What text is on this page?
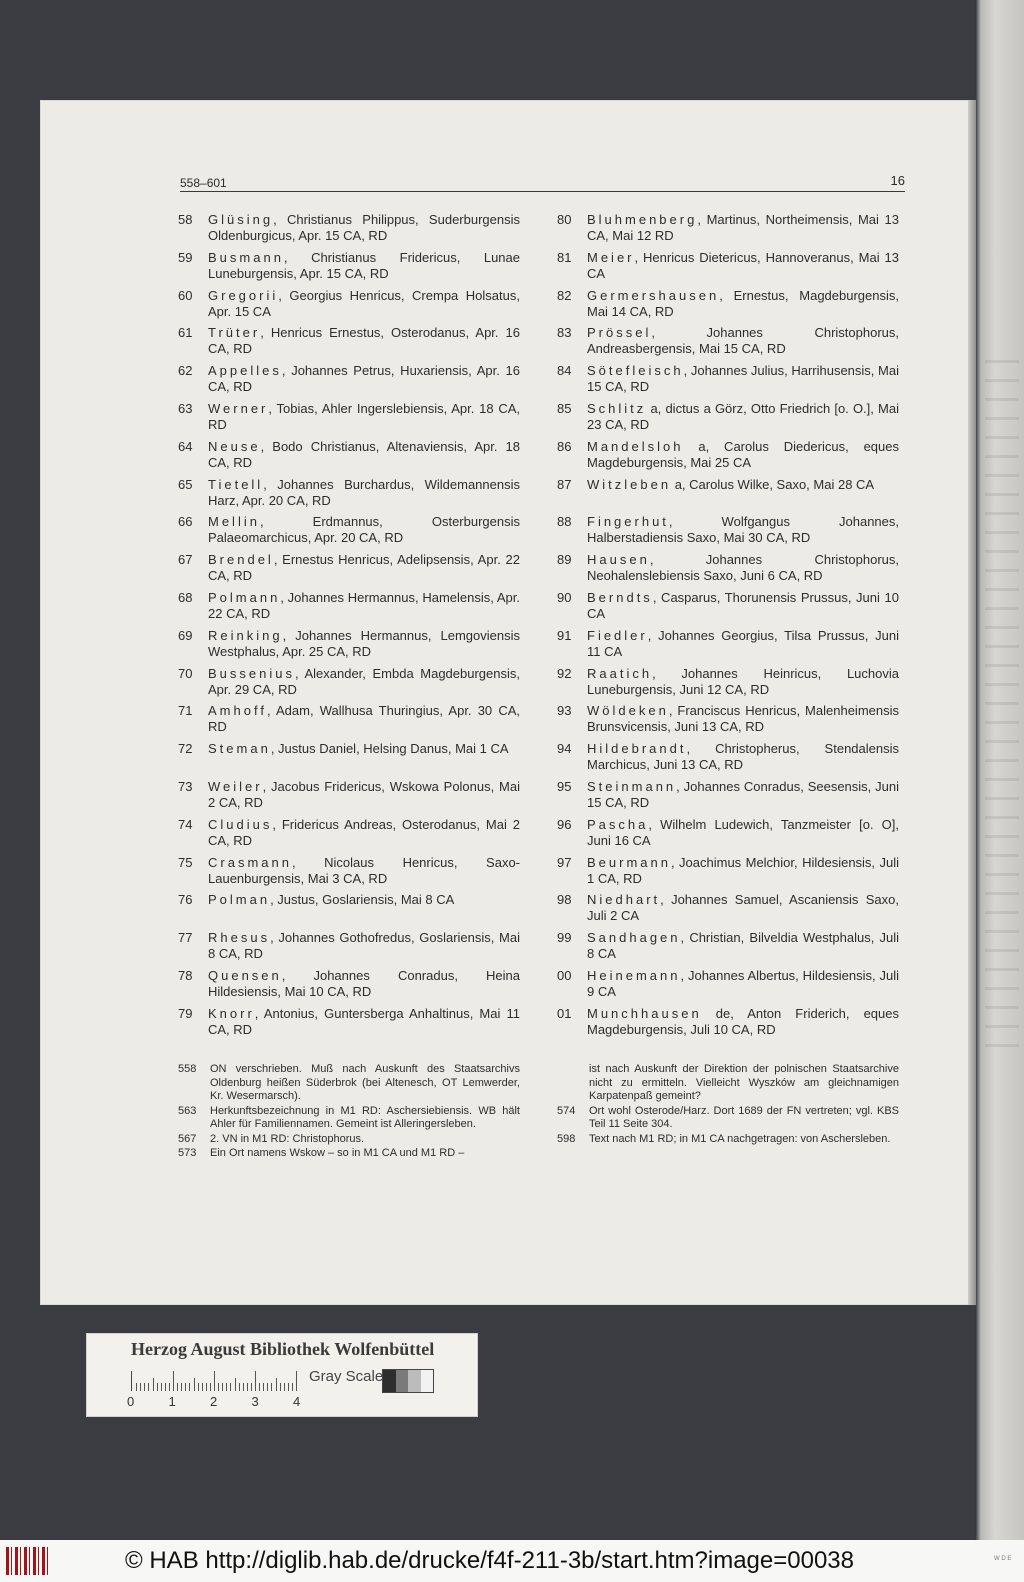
558–601	16
58	Glüsing, Christianus Philippus, Suderburgensis Oldenburgicus, Apr. 15 CA, RD
59	Busmann, Christianus Fridericus, Lunae Luneburgensis, Apr. 15 CA, RD
60	Gregorii, Georgius Henricus, Crempa Holsatus, Apr. 15 CA
61	Trüter, Henricus Ernestus, Osterodanus, Apr. 16 CA, RD
62	Appelles, Johannes Petrus, Huxariensis, Apr. 16 CA, RD
63	Werner, Tobias, Ahler Ingerslebiensis, Apr. 18 CA, RD
64	Neuse, Bodo Christianus, Altenaviensis, Apr. 18 CA, RD
65	Tietell, Johannes Burchardus, Wildemannensis Harz, Apr. 20 CA, RD
66	Mellin, Erdmannus, Osterburgensis Palaeomarchicus, Apr. 20 CA, RD
67	Brendel, Ernestus Henricus, Adelipsensis, Apr. 22 CA, RD
68	Polmann, Johannes Hermannus, Hamelensis, Apr. 22 CA, RD
69	Reinking, Johannes Hermannus, Lemgoviensis Westphalus, Apr. 25 CA, RD
70	Bussenius, Alexander, Embda Magdeburgensis, Apr. 29 CA, RD
71	Amhoff, Adam, Wallhusa Thuringius, Apr. 30 CA, RD
72	Steman, Justus Daniel, Helsing Danus, Mai 1 CA
73	Weiler, Jacobus Fridericus, Wskowa Polonus, Mai 2 CA, RD
74	Cludius, Fridericus Andreas, Osterodanus, Mai 2 CA, RD
75	Crasmann, Nicolaus Henricus, Saxo-Lauenburgensis, Mai 3 CA, RD
76	Polman, Justus, Goslariensis, Mai 8 CA
77	Rhesus, Johannes Gothofredus, Goslariensis, Mai 8 CA, RD
78	Quensen, Johannes Conradus, Heina Hildesiensis, Mai 10 CA, RD
79	Knorr, Antonius, Guntersberga Anhaltinus, Mai 11 CA, RD
80	Bluhmenberg, Martinus, Northeimensis, Mai 13 CA, Mai 12 RD
81	Meier, Henricus Dietericus, Hannoveranus, Mai 13 CA
82	Germershausen, Ernestus, Magdeburgensis, Mai 14 CA, RD
83	Prössel, Johannes Christophorus, Andreasbergensis, Mai 15 CA, RD
84	Sötefleisch, Johannes Julius, Harrihusensis, Mai 15 CA, RD
85	Schlitz a, dictus a Görz, Otto Friedrich [o. O.], Mai 23 CA, RD
86	Mandelsloh a, Carolus Diedericus, eques Magdeburgensis, Mai 25 CA
87	Witzleben a, Carolus Wilke, Saxo, Mai 28 CA
88	Fingerhut, Wolfgangus Johannes, Halberstadiensis Saxo, Mai 30 CA, RD
89	Hausen, Johannes Christophorus, Neohalenslebiensis Saxo, Juni 6 CA, RD
90	Berndts, Casparus, Thorunensis Prussus, Juni 10 CA
91	Fiedler, Johannes Georgius, Tilsa Prussus, Juni 11 CA
92	Raatich, Johannes Heinricus, Luchovia Luneburgensis, Juni 12 CA, RD
93	Wöldeken, Franciscus Henricus, Malenheimensis Brunsvicensis, Juni 13 CA, RD
94	Hildebrandt, Christopherus, Stendalensis Marchicus, Juni 13 CA, RD
95	Steinmann, Johannes Conradus, Seesensis, Juni 15 CA, RD
96	Pascha, Wilhelm Ludewich, Tanzmeister [o. O], Juni 16 CA
97	Beurmann, Joachimus Melchior, Hildesiensis, Juli 1 CA, RD
98	Niedhart, Johannes Samuel, Ascaniensis Saxo, Juli 2 CA
99	Sandhagen, Christian, Bilveldia Westphalus, Juli 8 CA
00	Heinemann, Johannes Albertus, Hildesiensis, Juli 9 CA
01	Munchhausen de, Anton Friderich, eques Magdeburgensis, Juli 10 CA, RD
558	ON verschrieben. Muß nach Auskunft des Staatsarchivs Oldenburg heißen Süderbrok (bei Altenesch, OT Lemwerder, Kr. Wesermarsch).
563	Herkunftsbezeichnung in M1 RD: Aschersiebiensis. WB hält Ahler für Familiennamen. Gemeint ist Alleringersleben.
567	2. VN in M1 RD: Christophorus.
573	Ein Ort namens Wskow – so in M1 CA und M1 RD –
ist nach Auskunft der Direktion der polnischen Staatsarchive nicht zu ermitteln. Vielleicht Wyszków am gleichnamigen Karpatenpaß gemeint?
574	Ort wohl Osterode/Harz. Dort 1689 der FN vertreten; vgl. KBS Teil 11 Seite 304.
598	Text nach M1 RD; in M1 CA nachgetragen: von Aschersleben.
Herzog August Bibliothek Wolfenbüttel
Gray Scale
0	1	2	3	4
© HAB http://diglib.hab.de/drucke/f4f-211-3b/start.htm?image=00038	W D E
